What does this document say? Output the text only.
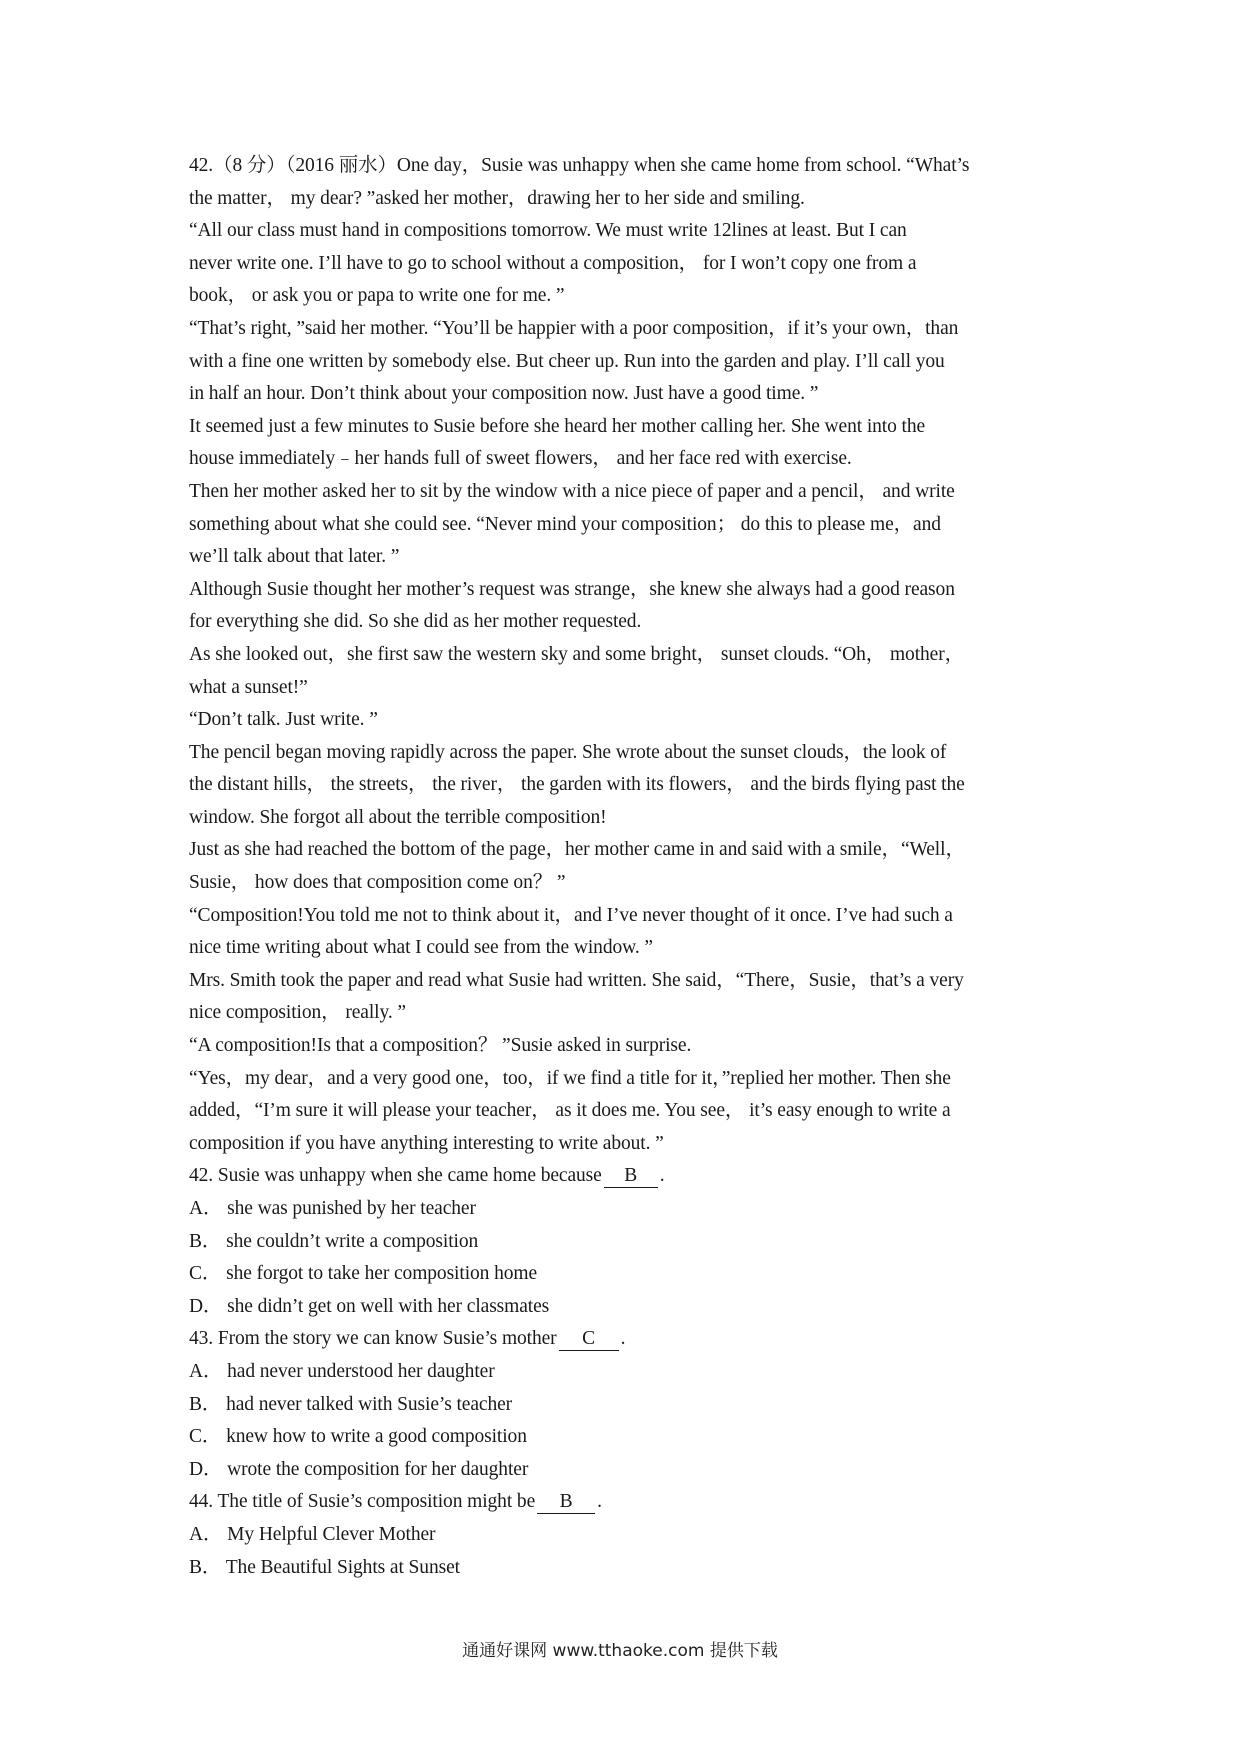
42.（8 分）（2016 丽水）One day，Susie was unhappy when she came home from school. “What’s
the matter， my dear? ”asked her mother，drawing her to her side and smiling.
“All our class must hand in compositions tomorrow. We must write 12lines at least. But I can
never write one. I’ll have to go to school without a composition， for I won’t copy one from a
book， or ask you or papa to write one for me. ”
“That’s right, ”said her mother. “You’ll be happier with a poor composition，if it’s your own，than
with a fine one written by somebody else. But cheer up. Run into the garden and play. I’ll call you
in half an hour. Don’t think about your composition now. Just have a good time. ”
It seemed just a few minutes to Susie before she heard her mother calling her. She went into the
house immediately﹣her hands full of sweet flowers， and her face red with exercise.
Then her mother asked her to sit by the window with a nice piece of paper and a pencil， and write
something about what she could see. “Never mind your composition； do this to please me，and
we’ll talk about that later. ”
Although Susie thought her mother’s request was strange，she knew she always had a good reason
for everything she did. So she did as her mother requested.
As she looked out，she first saw the western sky and some bright， sunset clouds. “Oh， mother，
what a sunset!”
“Don’t talk. Just write. ”
The pencil began moving rapidly across the paper. She wrote about the sunset clouds，the look of
the distant hills， the streets， the river， the garden with its flowers， and the birds flying past the
window. She forgot all about the terrible composition!
Just as she had reached the bottom of the page，her mother came in and said with a smile，“Well，
Susie， how does that composition come on？ ”
“Composition!You told me not to think about it，and I’ve never thought of it once. I’ve had such a
nice time writing about what I could see from the window. ”
Mrs. Smith took the paper and read what Susie had written. She said，“There，Susie，that’s a very
nice composition， really. ”
“A composition!Is that a composition？ ”Susie asked in surprise.
“Yes，my dear，and a very good one，too，if we find a title for it，”replied her mother. Then she
added，“I’m sure it will please your teacher， as it does me. You see， it’s easy enough to write a
composition if you have anything interesting to write about. ”
42. Susie was unhappy when she came home because B .
A． she was punished by her teacher
B． she couldn’t write a composition
C． she forgot to take her composition home
D． she didn’t get on well with her classmates
43. From the story we can know Susie’s mother C .
A． had never understood her daughter
B． had never talked with Susie’s teacher
C． knew how to write a good composition
D． wrote the composition for her daughter
44. The title of Susie’s composition might be B .
A． My Helpful Clever Mother
B． The Beautiful Sights at Sunset
通通好课网 www.tthaoke.com 提供下载
